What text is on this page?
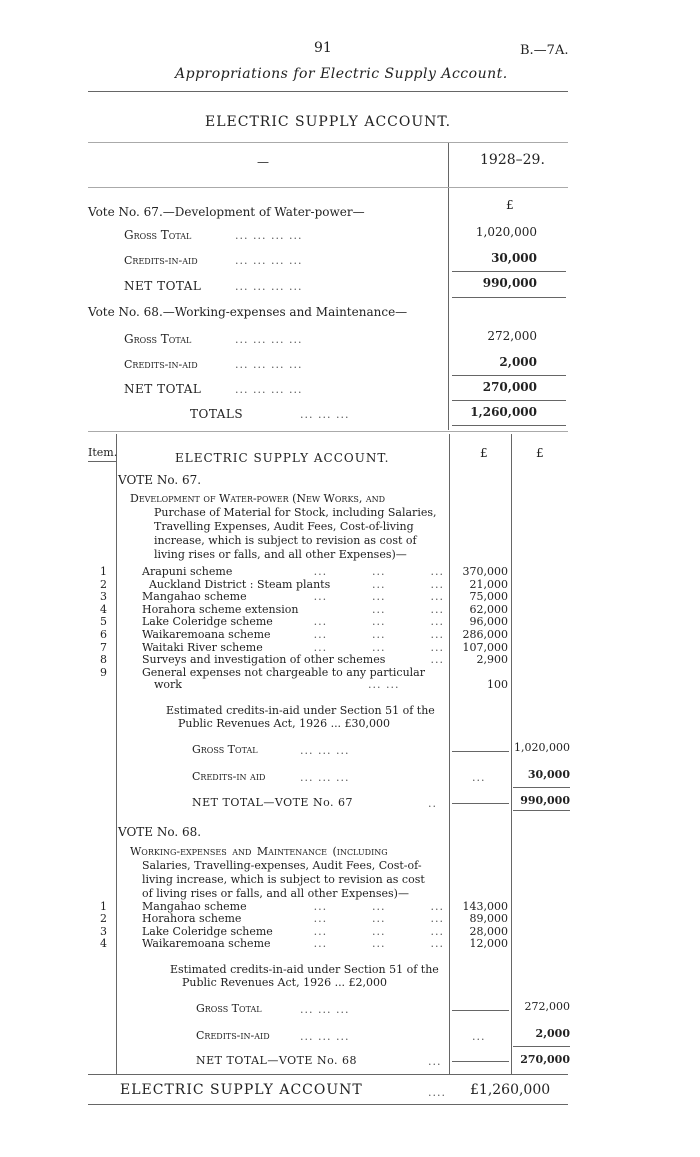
91	B.—7A.
Appropriations for Electric Supply Account.
ELECTRIC SUPPLY ACCOUNT.
—	1928–29.
£
Vote No. 67.—Development of Water-power—
Gross Total	... ... ... ...	1,020,000
Credits-in-aid	... ... ... ...	30,000
NET TOTAL	... ... ... ...	990,000
Vote No. 68.—Working-expenses and Maintenance—
Gross Total	... ... ... ...	272,000
Credits-in-aid	... ... ... ...	2,000
NET TOTAL	... ... ... ...	270,000
TOTALS	... ... ...	1,260,000
Item.	ELECTRIC SUPPLY ACCOUNT.	£	£
VOTE No. 67.
Development of Water-power (New Works, and
Purchase of Material for Stock, including Salaries,
Travelling Expenses, Audit Fees, Cost-of-living
increase, which is subject to revision as cost of
living rises or falls, and all other Expenses)—
1	Arapuni scheme	...          ...          ...	370,000
2	Auckland District : Steam plants	...          ...	21,000
3	Mangahao scheme	...          ...          ...	75,000
4	Horahora scheme extension	...          ...	62,000
5	Lake Coleridge scheme	...          ...          ...	96,000
6	Waikaremoana scheme	...          ...          ...	286,000
7	Waitaki River scheme	...          ...          ...	107,000
8	Surveys and investigation of other schemes	...	2,900
9	General expenses not chargeable to any particular
work	... ...	100
Estimated credits-in-aid under Section 51 of the
Public Revenues Act, 1926 ... £30,000
Gross Total	... ... ...	1,020,000
Credits-in aid	... ... ...	...	30,000
NET TOTAL—VOTE No. 67	..	990,000
VOTE No. 68.
Working-expenses and Maintenance (including
Salaries, Travelling-expenses, Audit Fees, Cost-of-
living increase, which is subject to revision as cost
of living rises or falls, and all other Expenses)—
1	Mangahao scheme	...          ...          ...	143,000
2	Horahora scheme	...          ...          ...	89,000
3	Lake Coleridge scheme	...          ...          ...	28,000
4	Waikaremoana scheme	...          ...          ...	12,000
Estimated credits-in-aid under Section 51 of the
Public Revenues Act, 1926 ... £2,000
Gross Total	... ... ...	272,000
Credits-in-aid	... ... ...	...	2,000
NET TOTAL—VOTE No. 68	...	270,000
ELECTRIC SUPPLY ACCOUNT	.... £1,260,000
